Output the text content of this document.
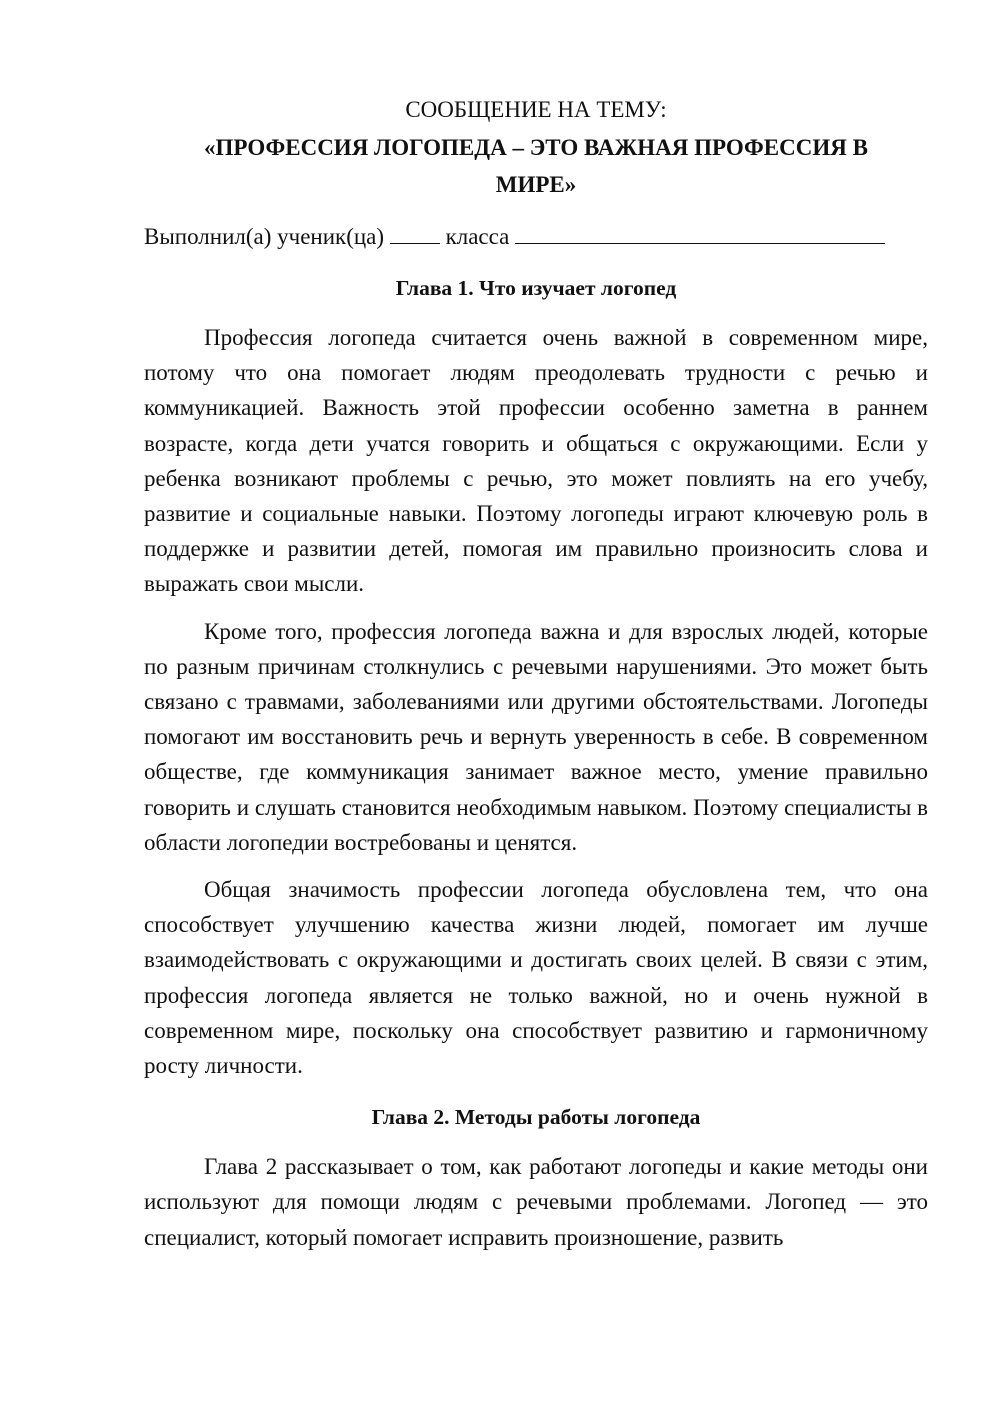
СООБЩЕНИЕ НА ТЕМУ:
«ПРОФЕССИЯ ЛОГОПЕДА – ЭТО ВАЖНАЯ ПРОФЕССИЯ В МИРЕ»
Выполнил(а) ученик(ца)	класса
Глава 1. Что изучает логопед

Профессия логопеда считается очень важной в современном мире, потому что она помогает людям преодолевать трудности с речью и коммуникацией. Важность этой профессии особенно заметна в раннем возрасте, когда дети учатся говорить и общаться с окружающими. Если у ребенка возникают проблемы с речью, это может повлиять на его учебу, развитие и социальные навыки. Поэтому логопеды играют ключевую роль в поддержке и развитии детей, помогая им правильно произносить слова и выражать свои мысли.

Кроме того, профессия логопеда важна и для взрослых людей, которые по разным причинам столкнулись с речевыми нарушениями. Это может быть связано с травмами, заболеваниями или другими обстоятельствами. Логопеды помогают им восстановить речь и вернуть уверенность в себе. В современном обществе, где коммуникация занимает важное место, умение правильно говорить и слушать становится необходимым навыком. Поэтому специалисты в области логопедии востребованы и ценятся.

Общая значимость профессии логопеда обусловлена тем, что она способствует улучшению качества жизни людей, помогает им лучше взаимодействовать с окружающими и достигать своих целей. В связи с этим, профессия логопеда является не только важной, но и очень нужной в современном мире, поскольку она способствует развитию и гармоничному росту личности.

Глава 2. Методы работы логопеда

Глава 2 рассказывает о том, как работают логопеды и какие методы они используют для помощи людям с речевыми проблемами. Логопед — это специалист, который помогает исправить произношение, развить
